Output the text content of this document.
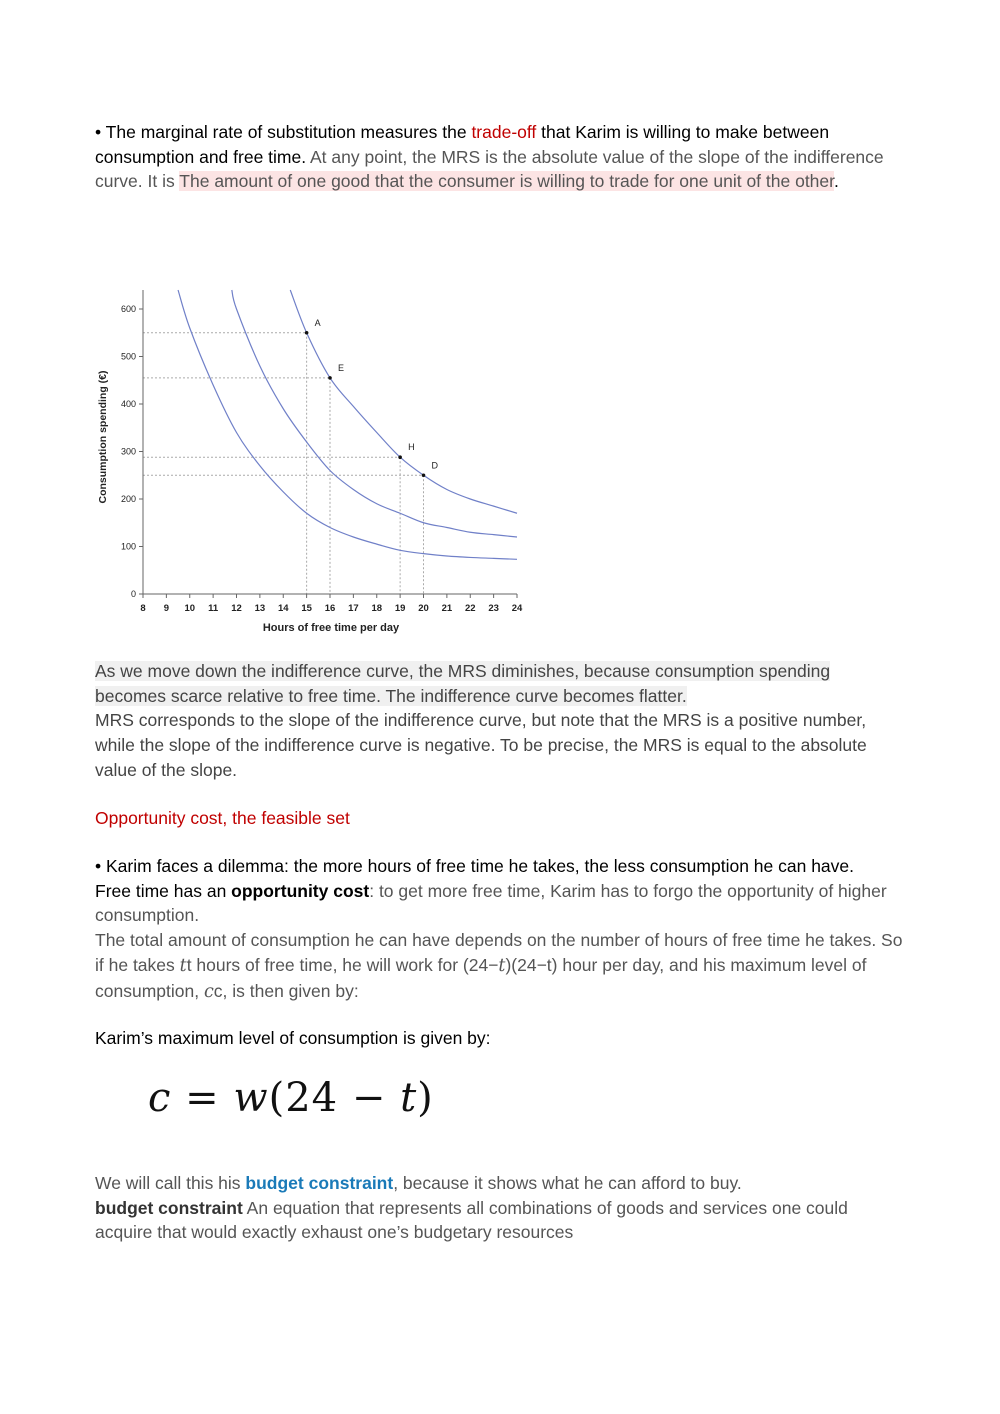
• The marginal rate of substitution measures the trade-off that Karim is willing to make between consumption and free time. At any point, the MRS is the absolute value of the slope of the indifference curve. It is The amount of one good that the consumer is willing to trade for one unit of the other.

8 9 10 11 12 13 14 15 16 17 18 19 20 21 22 23 24
0
100
200
300
400
500
600
A
E
H
D
Hours of free time per day
Consumption spending (€)

As we move down the indifference curve, the MRS diminishes, because consumption spending
becomes scarce relative to free time. The indifference curve becomes flatter.
MRS corresponds to the slope of the indifference curve, but note that the MRS is a positive number, while the slope of the indifference curve is negative. To be precise, the MRS is equal to the absolute value of the slope.

Opportunity cost, the feasible set

• Karim faces a dilemma: the more hours of free time he takes, the less consumption he can have.
Free time has an opportunity cost: to get more free time, Karim has to forgo the opportunity of higher consumption.
The total amount of consumption he can have depends on the number of hours of free time he takes. So if he takes tt hours of free time, he will work for (24−t)(24−t) hour per day, and his maximum level of consumption, cc, is then given by:

Karim’s maximum level of consumption is given by:

c = w(24 − t)

We will call this his budget constraint, because it shows what he can afford to buy.
budget constraint An equation that represents all combinations of goods and services one could acquire that would exactly exhaust one’s budgetary resources
